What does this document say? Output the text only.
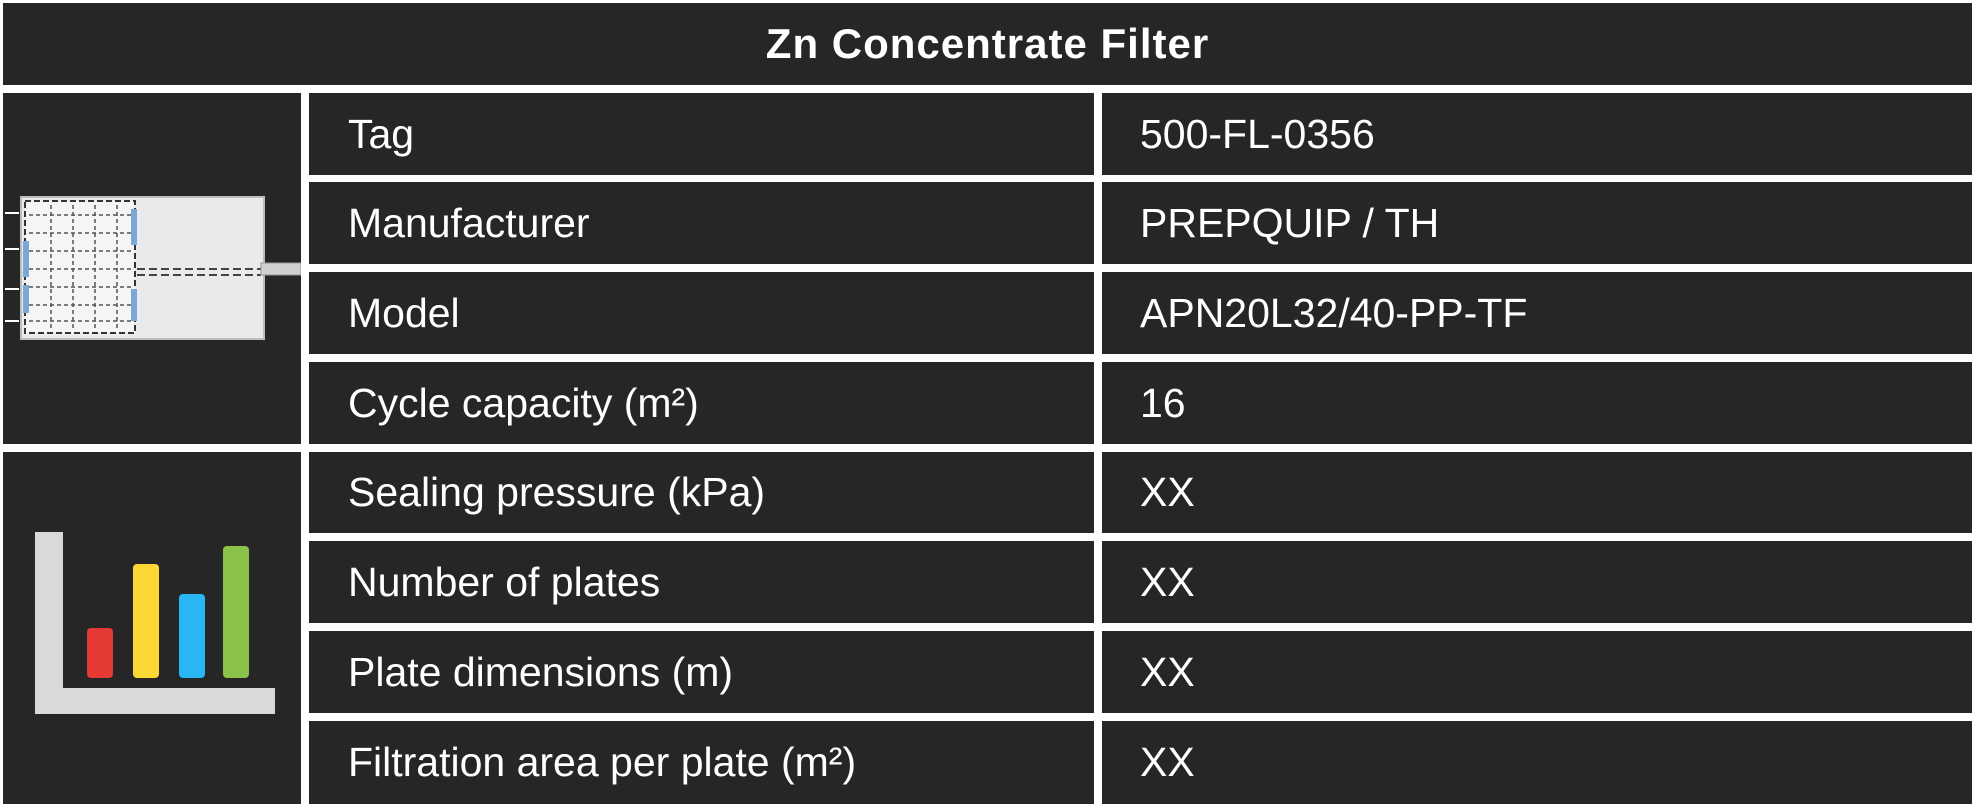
Zn Concentrate Filter
Tag	500-FL-0356
Manufacturer	PREPQUIP / TH
Model	APN20L32/40-PP-TF
Cycle capacity (m²)	16
Sealing pressure (kPa)	XX
Number of plates	XX
Plate dimensions (m)	XX
Filtration area per plate (m²)	XX
